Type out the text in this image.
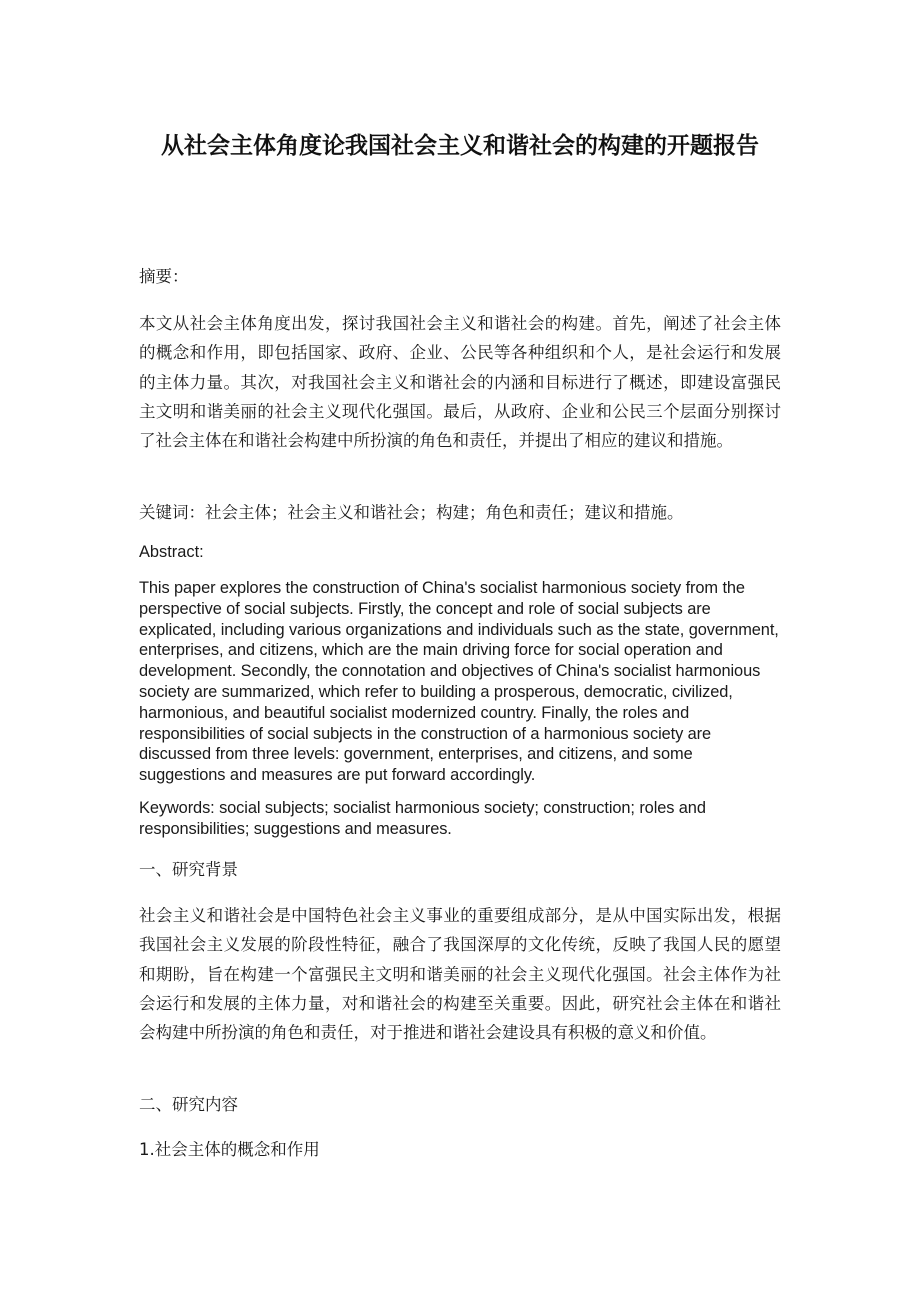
从社会主体角度论我国社会主义和谐社会的构建的开题报告

摘要：

本文从社会主体角度出发，探讨我国社会主义和谐社会的构建。首先，阐述了社会主体的概念和作用，即包括国家、政府、企业、公民等各种组织和个人，是社会运行和发展的主体力量。其次，对我国社会主义和谐社会的内涵和目标进行了概述，即建设富强民主文明和谐美丽的社会主义现代化强国。最后，从政府、企业和公民三个层面分别探讨了社会主体在和谐社会构建中所扮演的角色和责任，并提出了相应的建议和措施。

关键词：社会主体；社会主义和谐社会；构建；角色和责任；建议和措施。

Abstract:

This paper explores the construction of China's socialist harmonious society from the perspective of social subjects. Firstly, the concept and role of social subjects are explicated, including various organizations and individuals such as the state, government, enterprises, and citizens, which are the main driving force for social operation and development. Secondly, the connotation and objectives of China's socialist harmonious society are summarized, which refer to building a prosperous, democratic, civilized, harmonious, and beautiful socialist modernized country. Finally, the roles and responsibilities of social subjects in the construction of a harmonious society are discussed from three levels: government, enterprises, and citizens, and some suggestions and measures are put forward accordingly.

Keywords: social subjects; socialist harmonious society; construction; roles and responsibilities; suggestions and measures.

一、研究背景

社会主义和谐社会是中国特色社会主义事业的重要组成部分，是从中国实际出发，根据我国社会主义发展的阶段性特征，融合了我国深厚的文化传统，反映了我国人民的愿望和期盼，旨在构建一个富强民主文明和谐美丽的社会主义现代化强国。社会主体作为社会运行和发展的主体力量，对和谐社会的构建至关重要。因此，研究社会主体在和谐社会构建中所扮演的角色和责任，对于推进和谐社会建设具有积极的意义和价值。

二、研究内容

1.社会主体的概念和作用
